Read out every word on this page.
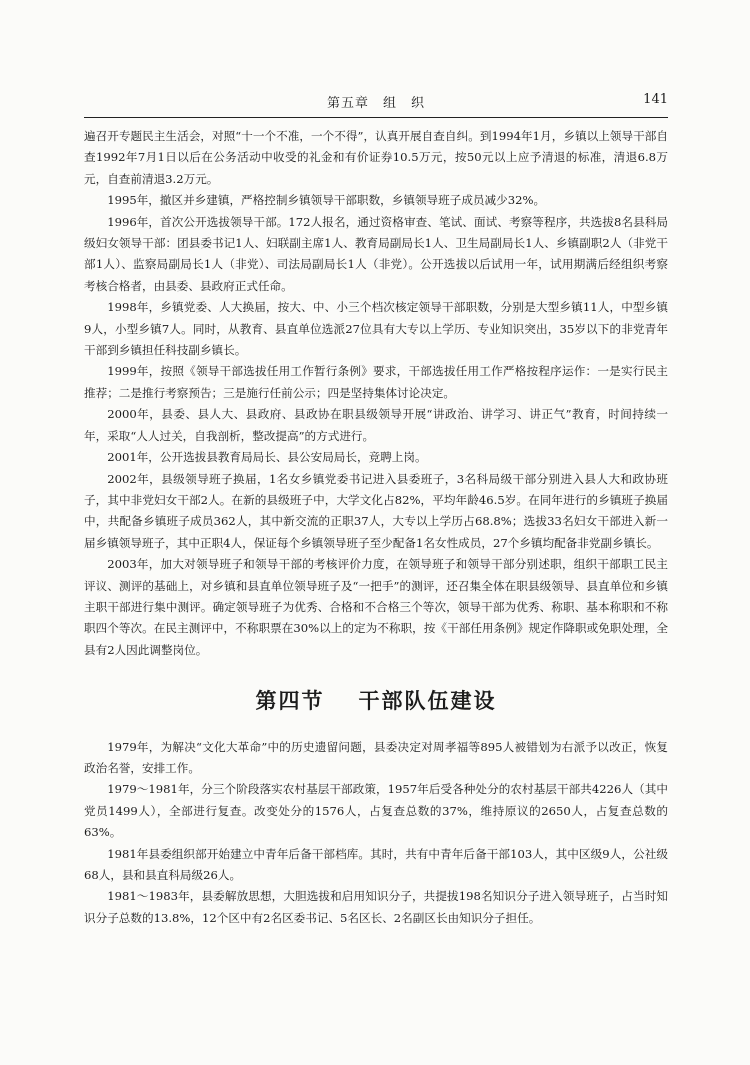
第五章　组　织	141

遍召开专题民主生活会，对照“十一个不准，一个不得”，认真开展自查自纠。到1994年1月，乡镇以上领导干部自查1992年7月1日以后在公务活动中收受的礼金和有价证券10.5万元，按50元以上应予清退的标准，清退6.8万元，自查前清退3.2万元。

1995年，撤区并乡建镇，严格控制乡镇领导干部职数，乡镇领导班子成员减少32%。

1996年，首次公开选拔领导干部。172人报名，通过资格审查、笔试、面试、考察等程序，共选拔8名县科局级妇女领导干部：团县委书记1人、妇联副主席1人、教育局副局长1人、卫生局副局长1人、乡镇副职2人（非党干部1人）、监察局副局长1人（非党）、司法局副局长1人（非党）。公开选拔以后试用一年，试用期满后经组织考察考核合格者，由县委、县政府正式任命。

1998年，乡镇党委、人大换届，按大、中、小三个档次核定领导干部职数，分别是大型乡镇11人，中型乡镇9人，小型乡镇7人。同时，从教育、县直单位选派27位具有大专以上学历、专业知识突出，35岁以下的非党青年干部到乡镇担任科技副乡镇长。

1999年，按照《领导干部选拔任用工作暂行条例》要求，干部选拔任用工作严格按程序运作：一是实行民主推荐；二是推行考察预告；三是施行任前公示；四是坚持集体讨论决定。

2000年，县委、县人大、县政府、县政协在职县级领导开展“讲政治、讲学习、讲正气”教育，时间持续一年，采取“人人过关，自我剖析，整改提高”的方式进行。

2001年，公开选拔县教育局局长、县公安局局长，竞聘上岗。

2002年，县级领导班子换届，1名女乡镇党委书记进入县委班子，3名科局级干部分别进入县人大和政协班子，其中非党妇女干部2人。在新的县级班子中，大学文化占82%，平均年龄46.5岁。在同年进行的乡镇班子换届中，共配备乡镇班子成员362人，其中新交流的正职37人，大专以上学历占68.8%；选拔33名妇女干部进入新一届乡镇领导班子，其中正职4人，保证每个乡镇领导班子至少配备1名女性成员，27个乡镇均配备非党副乡镇长。

2003年，加大对领导班子和领导干部的考核评价力度，在领导班子和领导干部分别述职，组织干部职工民主评议、测评的基础上，对乡镇和县直单位领导班子及“一把手”的测评，还召集全体在职县级领导、县直单位和乡镇主职干部进行集中测评。确定领导班子为优秀、合格和不合格三个等次，领导干部为优秀、称职、基本称职和不称职四个等次。在民主测评中，不称职票在30%以上的定为不称职，按《干部任用条例》规定作降职或免职处理，全县有2人因此调整岗位。

第四节 干部队伍建设

1979年，为解决“文化大革命”中的历史遗留问题，县委决定对周孝福等895人被错划为右派予以改正，恢复政治名誉，安排工作。

1979～1981年，分三个阶段落实农村基层干部政策，1957年后受各种处分的农村基层干部共4226人（其中党员1499人），全部进行复查。改变处分的1576人，占复查总数的37%，维持原议的2650人，占复查总数的63%。

1981年县委组织部开始建立中青年后备干部档库。其时，共有中青年后备干部103人，其中区级9人，公社级68人，县和县直科局级26人。

1981～1983年，县委解放思想，大胆选拔和启用知识分子，共提拔198名知识分子进入领导班子，占当时知识分子总数的13.8%，12个区中有2名区委书记、5名区长、2名副区长由知识分子担任。
